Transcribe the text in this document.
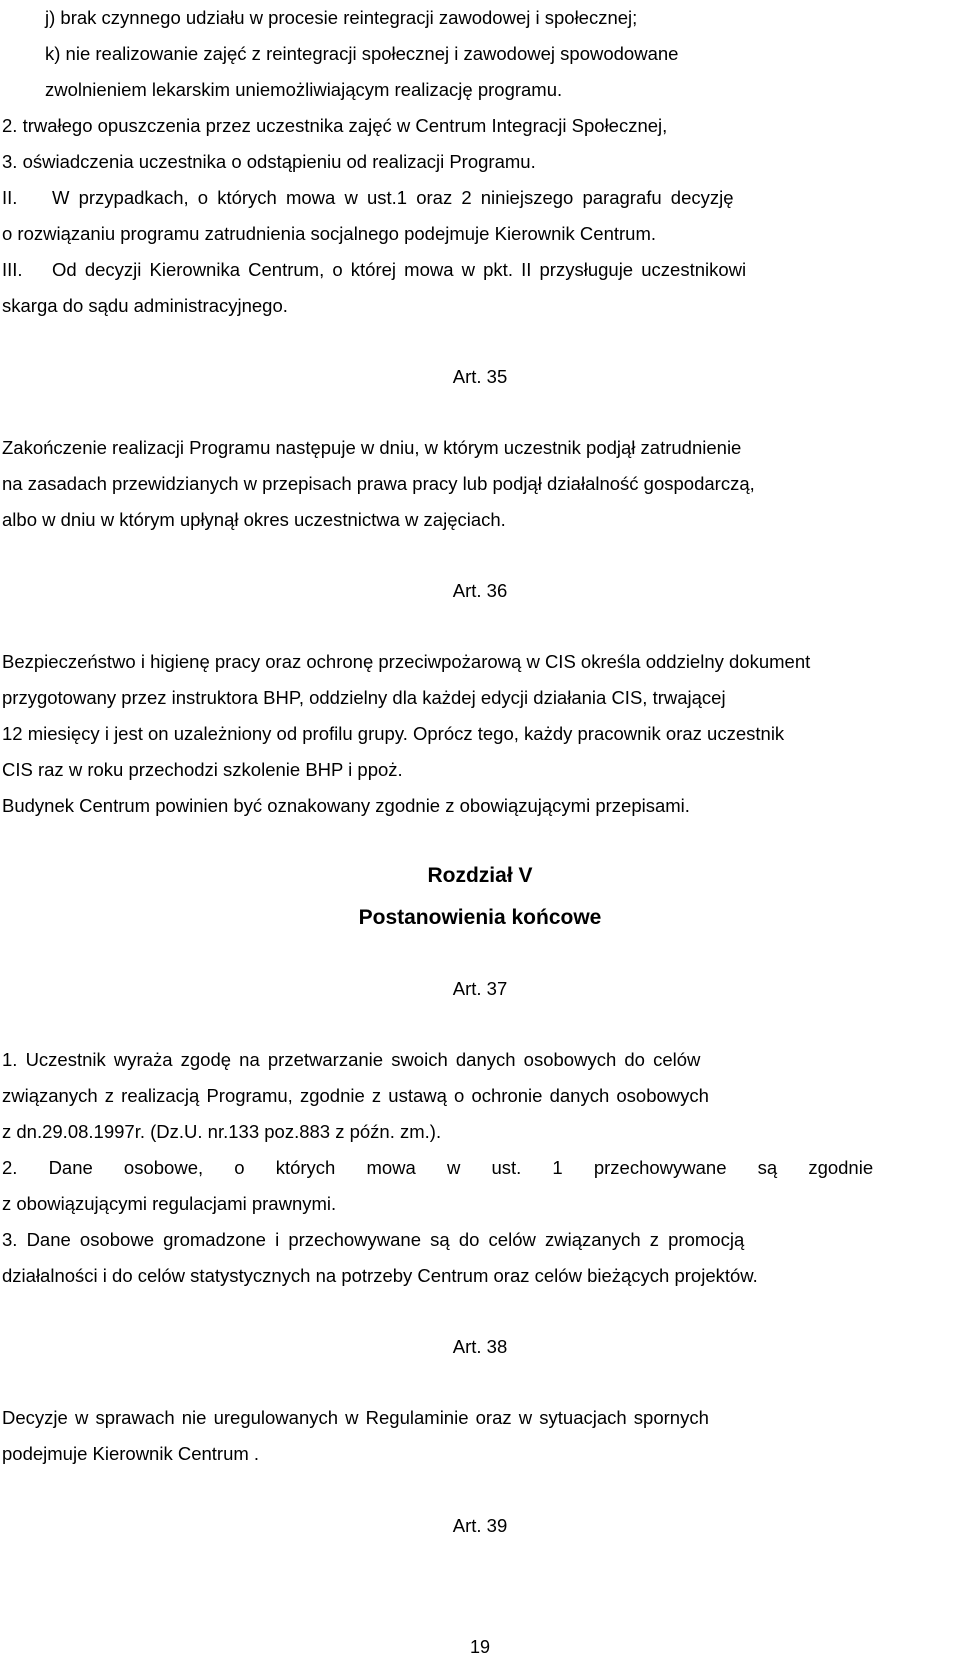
j) brak czynnego udziału w procesie reintegracji zawodowej i społecznej;
k) nie realizowanie zajęć z reintegracji społecznej i zawodowej spowodowane
zwolnieniem lekarskim uniemożliwiającym realizację programu.
2. trwałego opuszczenia przez uczestnika zajęć w Centrum Integracji Społecznej,
3. oświadczenia uczestnika o odstąpieniu od realizacji Programu.
II. W przypadkach, o których mowa w ust.1 oraz 2 niniejszego paragrafu decyzję
o rozwiązaniu programu zatrudnienia socjalnego podejmuje Kierownik Centrum.
III. Od decyzji Kierownika Centrum, o której mowa w pkt. II przysługuje uczestnikowi
skarga do sądu administracyjnego.
Art. 35
Zakończenie realizacji Programu następuje w dniu, w którym uczestnik podjął zatrudnienie
na zasadach przewidzianych w przepisach prawa pracy lub podjął działalność gospodarczą,
albo w dniu w którym upłynął okres uczestnictwa w zajęciach.
Art. 36
Bezpieczeństwo i higienę pracy oraz ochronę przeciwpożarową w CIS określa oddzielny dokument
przygotowany przez instruktora BHP, oddzielny dla każdej edycji działania CIS, trwającej
12 miesięcy i jest on uzależniony od profilu grupy. Oprócz tego, każdy pracownik oraz uczestnik
CIS raz w roku przechodzi szkolenie BHP i ppoż.
Budynek Centrum powinien być oznakowany zgodnie z obowiązującymi przepisami.
Rozdział V
Postanowienia końcowe
Art. 37
1. Uczestnik wyraża zgodę na przetwarzanie swoich danych osobowych do celów
związanych z realizacją Programu, zgodnie z ustawą o ochronie danych osobowych
z dn.29.08.1997r. (Dz.U. nr.133 poz.883 z późn. zm.).
2. Dane osobowe, o których mowa w ust. 1 przechowywane są zgodnie
z obowiązującymi regulacjami prawnymi.
3. Dane osobowe gromadzone i przechowywane są do celów związanych z promocją
działalności i do celów statystycznych na potrzeby Centrum oraz celów bieżących projektów.
Art. 38
Decyzje w sprawach nie uregulowanych w Regulaminie oraz w sytuacjach spornych
podejmuje Kierownik Centrum .
Art. 39
19
